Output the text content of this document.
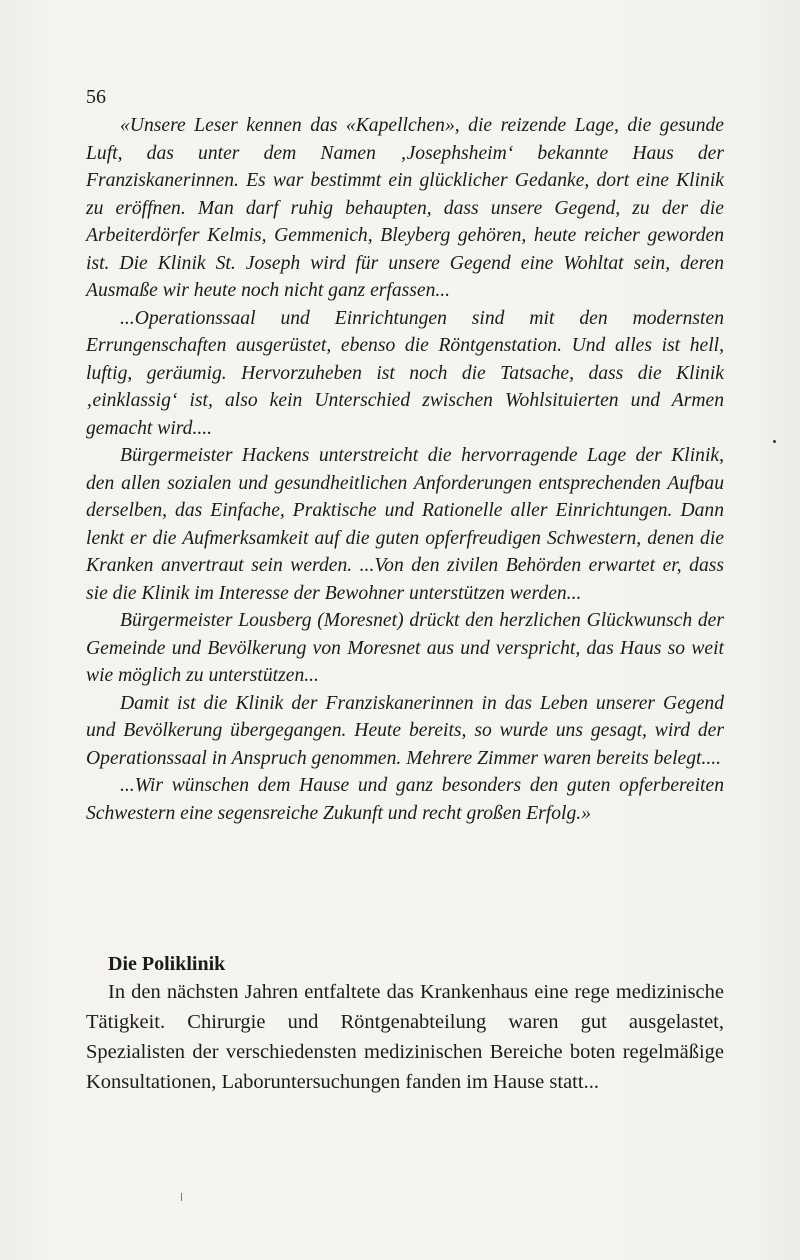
56

«Unsere Leser kennen das «Kapellchen», die reizende Lage, die gesunde Luft, das unter dem Namen ‚Josephsheim‘ bekannte Haus der Franziskanerinnen. Es war bestimmt ein glücklicher Gedanke, dort eine Klinik zu eröffnen. Man darf ruhig behaupten, dass unsere Gegend, zu der die Arbeiterdörfer Kelmis, Gemmenich, Bleyberg gehören, heute reicher geworden ist. Die Klinik St. Joseph wird für unsere Gegend eine Wohltat sein, deren Ausmaße wir heute noch nicht ganz erfassen...

...Operationssaal und Einrichtungen sind mit den modernsten Errungenschaften ausgerüstet, ebenso die Röntgenstation. Und alles ist hell, luftig, geräumig. Hervorzuheben ist noch die Tatsache, dass die Klinik ‚einklassig‘ ist, also kein Unterschied zwischen Wohlsituierten und Armen gemacht wird....

Bürgermeister Hackens unterstreicht die hervorragende Lage der Klinik, den allen sozialen und gesundheitlichen Anforderungen entsprechenden Aufbau derselben, das Einfache, Praktische und Rationelle aller Einrichtungen. Dann lenkt er die Aufmerksamkeit auf die guten opferfreudigen Schwestern, denen die Kranken anvertraut sein werden. ...Von den zivilen Behörden erwartet er, dass sie die Klinik im Interesse der Bewohner unterstützen werden...

Bürgermeister Lousberg (Moresnet) drückt den herzlichen Glückwunsch der Gemeinde und Bevölkerung von Moresnet aus und verspricht, das Haus so weit wie möglich zu unterstützen...

Damit ist die Klinik der Franziskanerinnen in das Leben unserer Gegend und Bevölkerung übergegangen. Heute bereits, so wurde uns gesagt, wird der Operationssaal in Anspruch genommen. Mehrere Zimmer waren bereits belegt....

...Wir wünschen dem Hause und ganz besonders den guten opferbereiten Schwestern eine segensreiche Zukunft und recht großen Erfolg.»

Die Poliklinik

In den nächsten Jahren entfaltete das Krankenhaus eine rege medizinische Tätigkeit. Chirurgie und Röntgenabteilung waren gut ausgelastet, Spezialisten der verschiedensten medizinischen Bereiche boten regelmäßige Konsultationen, Laboruntersuchungen fanden im Hause statt...
